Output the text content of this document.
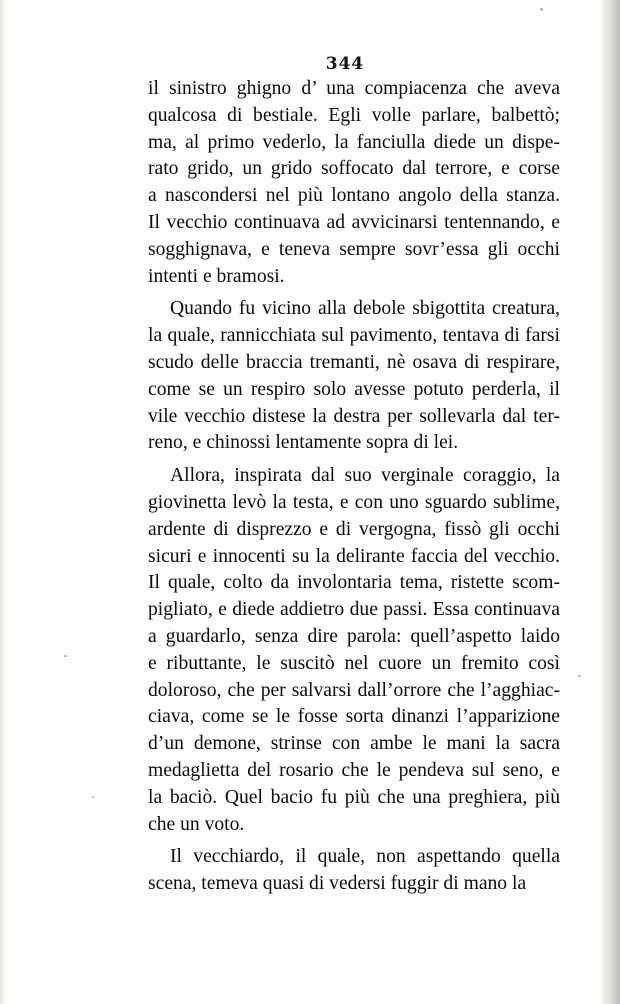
344
il sinistro ghigno d’ una compiacenza che aveva
qualcosa di bestiale. Egli volle parlare, balbettò;
ma, al primo vederlo, la fanciulla diede un dispe-
rato grido, un grido soffocato dal terrore, e corse
a nascondersi nel più lontano angolo della stanza.
Il vecchio continuava ad avvicinarsi tentennando, e
sogghignava, e teneva sempre sovr’essa gli occhi
intenti e bramosi.
Quando fu vicino alla debole sbigottita creatura,
la quale, rannicchiata sul pavimento, tentava di farsi
scudo delle braccia tremanti, nè osava di respirare,
come se un respiro solo avesse potuto perderla, il
vile vecchio distese la destra per sollevarla dal ter-
reno, e chinossi lentamente sopra di lei.
Allora, inspirata dal suo verginale coraggio, la
giovinetta levò la testa, e con uno sguardo sublime,
ardente di disprezzo e di vergogna, fissò gli occhi
sicuri e innocenti su la delirante faccia del vecchio.
Il quale, colto da involontaria tema, ristette scom-
pigliato, e diede addietro due passi. Essa continuava
a guardarlo, senza dire parola: quell’aspetto laido
e ributtante, le suscitò nel cuore un fremito così
doloroso, che per salvarsi dall’orrore che l’agghiac-
ciava, come se le fosse sorta dinanzi l’apparizione
d’un demone, strinse con ambe le mani la sacra
medaglietta del rosario che le pendeva sul seno, e
la baciò. Quel bacio fu più che una preghiera, più
che un voto.
Il vecchiardo, il quale, non aspettando quella
scena, temeva quasi di vedersi fuggir di mano la
